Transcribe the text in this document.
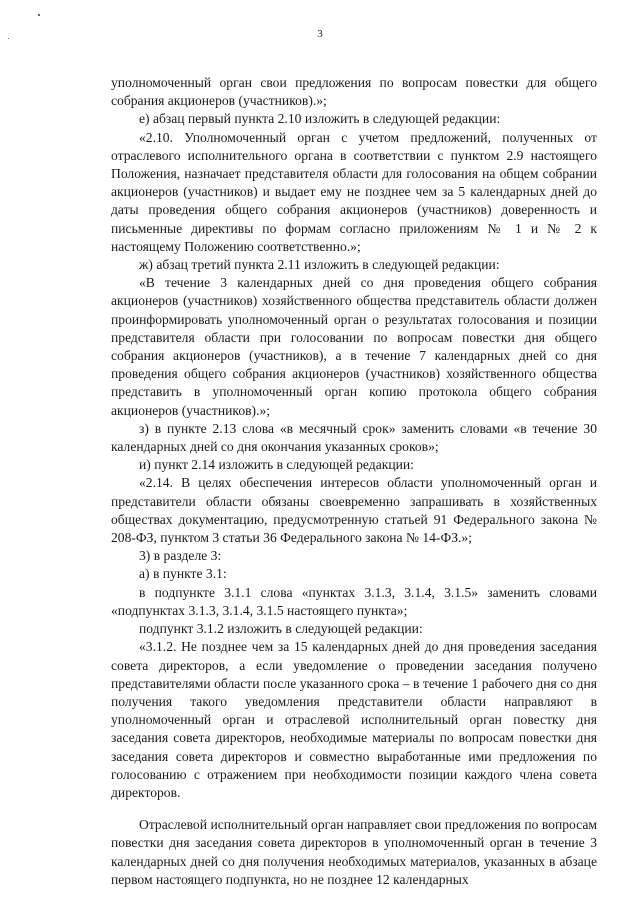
3

уполномоченный орган свои предложения по вопросам повестки для общего собрания акционеров (участников).»;

е) абзац первый пункта 2.10 изложить в следующей редакции:

«2.10. Уполномоченный орган с учетом предложений, полученных от отраслевого исполнительного органа в соответствии с пунктом 2.9 настоящего Положения, назначает представителя области для голосования на общем собрании акционеров (участников) и выдает ему не позднее чем за 5 календарных дней до даты проведения общего собрания акционеров (участников) доверенность и письменные директивы по формам согласно приложениям № 1 и № 2 к настоящему Положению соответственно.»;

ж) абзац третий пункта 2.11 изложить в следующей редакции:

«В течение 3 календарных дней со дня проведения общего собрания акционеров (участников) хозяйственного общества представитель области должен проинформировать уполномоченный орган о результатах голосования и позиции представителя области при голосовании по вопросам повестки дня общего собрания акционеров (участников), а в течение 7 календарных дней со дня проведения общего собрания акционеров (участников) хозяйственного общества представить в уполномоченный орган копию протокола общего собрания акционеров (участников).»;

з) в пункте 2.13 слова «в месячный срок» заменить словами «в течение 30 календарных дней со дня окончания указанных сроков»;

и) пункт 2.14 изложить в следующей редакции:

«2.14. В целях обеспечения интересов области уполномоченный орган и представители области обязаны своевременно запрашивать в хозяйственных обществах документацию, предусмотренную статьей 91 Федерального закона № 208-ФЗ, пунктом 3 статьи 36 Федерального закона № 14-ФЗ.»;

3) в разделе 3:

а) в пункте 3.1:

в подпункте 3.1.1 слова «пунктах 3.1.3, 3.1.4, 3.1.5» заменить словами «подпунктах 3.1.3, 3.1.4, 3.1.5 настоящего пункта»;

подпункт 3.1.2 изложить в следующей редакции:

«3.1.2. Не позднее чем за 15 календарных дней до дня проведения заседания совета директоров, а если уведомление о проведении заседания получено представителями области после указанного срока – в течение 1 рабочего дня со дня получения такого уведомления представители области направляют в уполномоченный орган и отраслевой исполнительный орган повестку дня заседания совета директоров, необходимые материалы по вопросам повестки дня заседания совета директоров и совместно выработанные ими предложения по голосованию с отражением при необходимости позиции каждого члена совета директоров.

Отраслевой исполнительный орган направляет свои предложения по вопросам повестки дня заседания совета директоров в уполномоченный орган в течение 3 календарных дней со дня получения необходимых материалов, указанных в абзаце первом настоящего подпункта, но не позднее 12 календарных
